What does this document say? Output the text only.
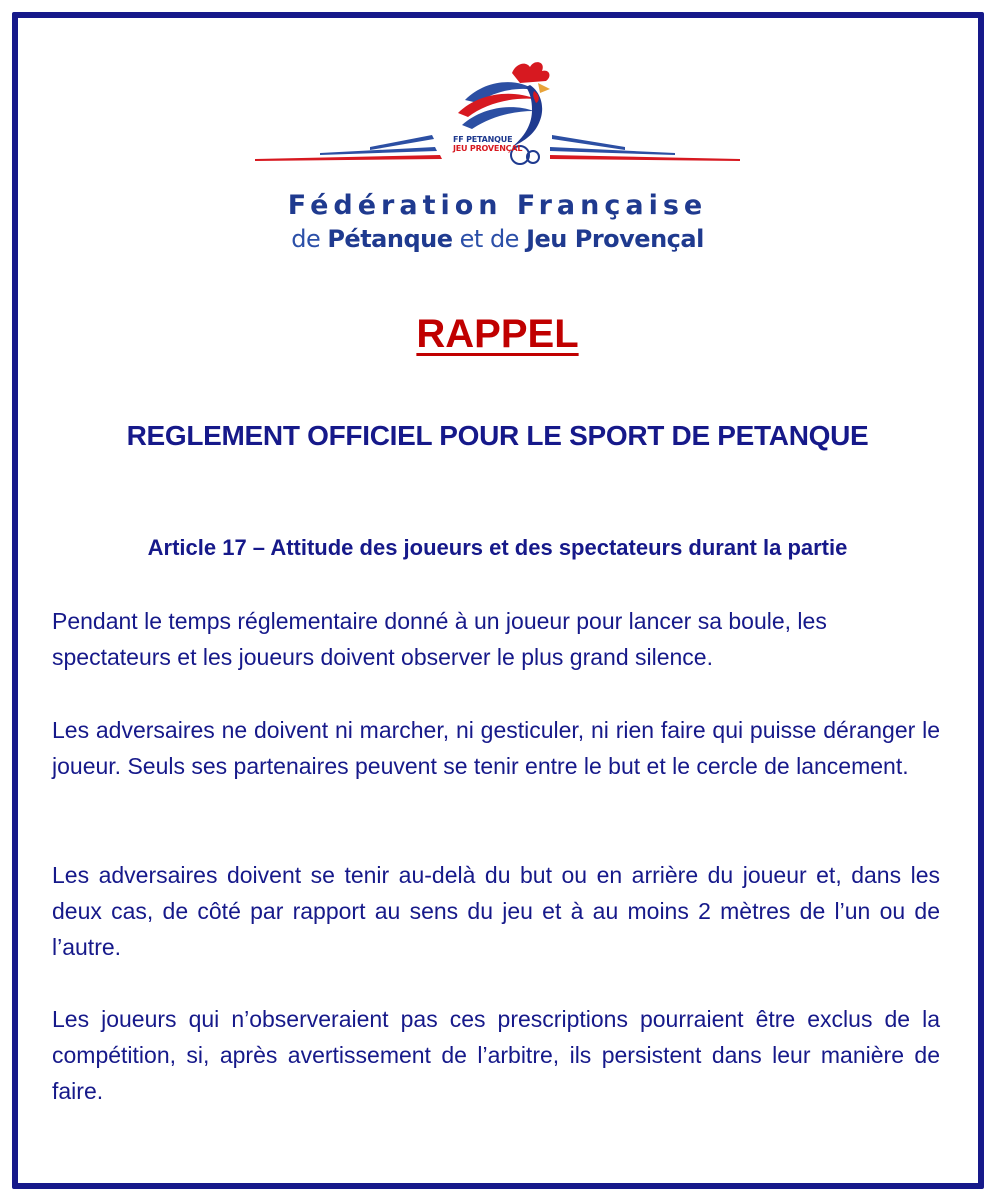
FF PETANQUE
JEU PROVENÇAL
Fédération Française
de Pétanque et de Jeu Provençal
RAPPEL
REGLEMENT OFFICIEL POUR LE SPORT DE PETANQUE
Article 17 – Attitude des joueurs et des spectateurs durant la partie

Pendant le temps réglementaire donné à un joueur pour lancer sa boule, les spectateurs et les joueurs doivent observer le plus grand silence.

Les adversaires ne doivent ni marcher, ni gesticuler, ni rien faire qui puisse déranger le joueur. Seuls ses partenaires peuvent se tenir entre le but et le cercle de lancement.

Les adversaires doivent se tenir au-delà du but ou en arrière du joueur et, dans les deux cas, de côté par rapport au sens du jeu et à au moins 2 mètres de l’un ou de l’autre.

Les joueurs qui n’observeraient pas ces prescriptions pourraient être exclus de la compétition, si, après avertissement de l’arbitre, ils persistent dans leur manière de faire.
